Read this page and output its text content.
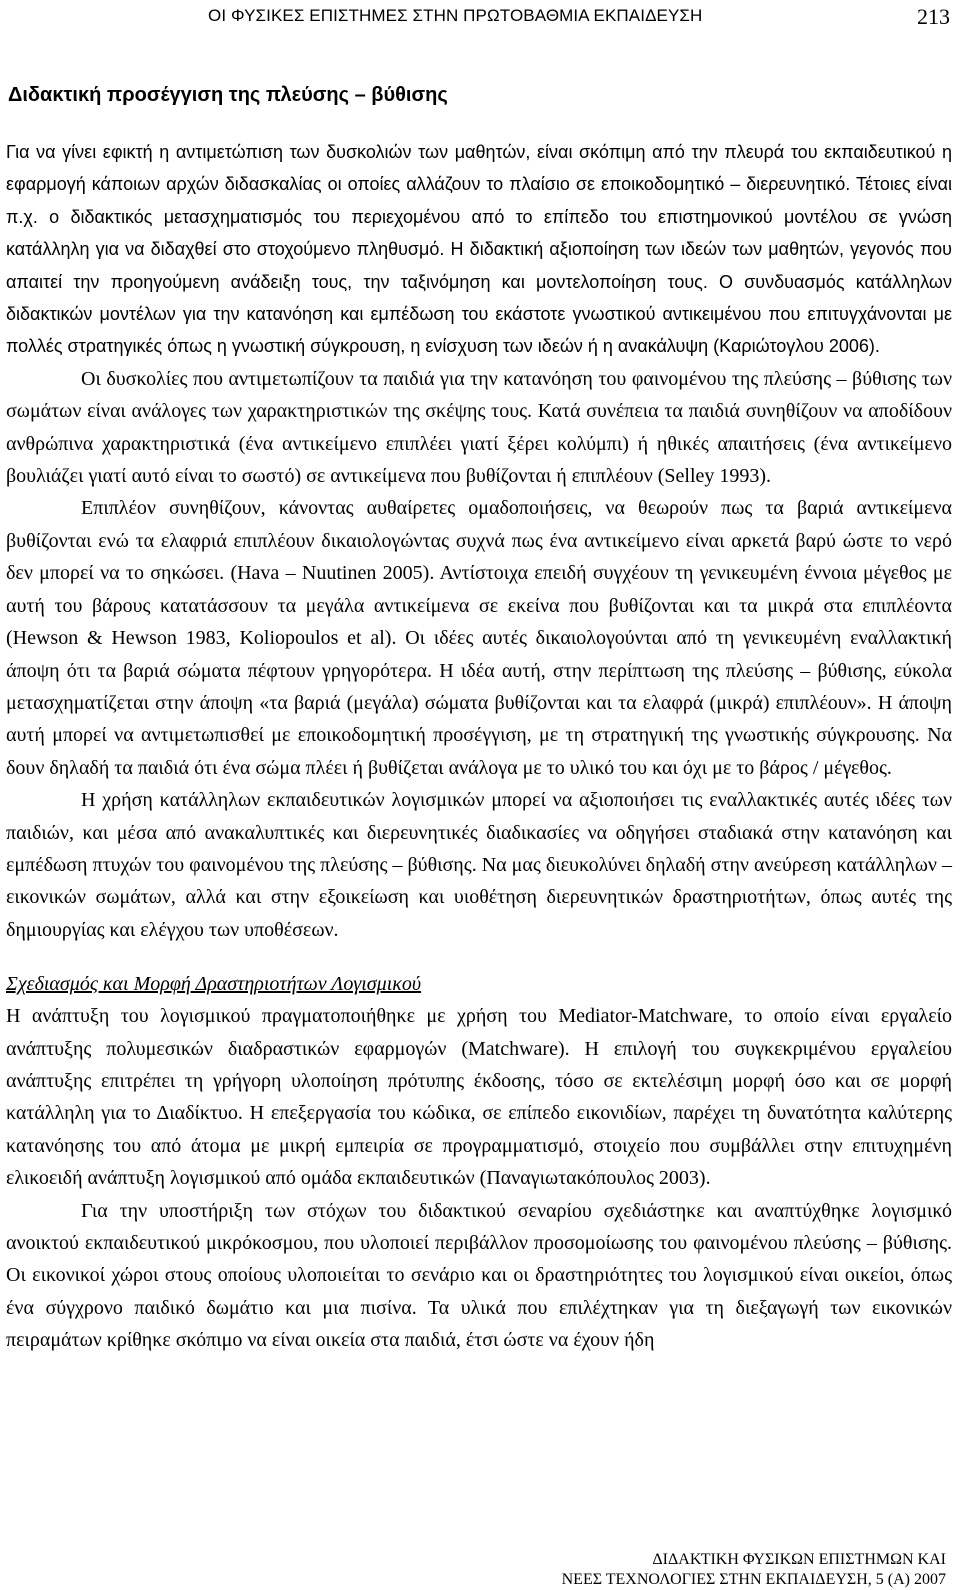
ΟΙ ΦΥΣΙΚΕΣ ΕΠΙΣΤΗΜΕΣ ΣΤΗΝ ΠΡΩΤΟΒΑΘΜΙΑ ΕΚΠΑΙΔΕΥΣΗ	213
Διδακτική προσέγγιση της πλεύσης – βύθισης

Για να γίνει εφικτή η αντιμετώπιση των δυσκολιών των μαθητών, είναι σκόπιμη από την πλευρά του εκπαιδευτικού η εφαρμογή κάποιων αρχών διδασκαλίας οι οποίες αλλάζουν το πλαίσιο σε εποικοδομητικό – διερευνητικό. Τέτοιες είναι π.χ. ο διδακτικός μετασχηματισμός του περιεχομένου από το επίπεδο του επιστημονικού μοντέλου σε γνώση κατάλληλη για να διδαχθεί στο στοχούμενο πληθυσμό. Η διδακτική αξιοποίηση των ιδεών των μαθητών, γεγονός που απαιτεί την προηγούμενη ανάδειξη τους, την ταξινόμηση και μοντελοποίηση τους. Ο συνδυασμός κατάλληλων διδακτικών μοντέλων για την κατανόηση και εμπέδωση του εκάστοτε γνωστικού αντικειμένου που επιτυγχάνονται με πολλές στρατηγικές όπως η γνωστική σύγκρουση, η ενίσχυση των ιδεών ή η ανακάλυψη (Καριώτογλου 2006).

Οι δυσκολίες που αντιμετωπίζουν τα παιδιά για την κατανόηση του φαινομένου της πλεύσης – βύθισης των σωμάτων είναι ανάλογες των χαρακτηριστικών της σκέψης τους. Κατά συνέπεια τα παιδιά συνηθίζουν να αποδίδουν ανθρώπινα χαρακτηριστικά (ένα αντικείμενο επιπλέει γιατί ξέρει κολύμπι) ή ηθικές απαιτήσεις (ένα αντικείμενο βουλιάζει γιατί αυτό είναι το σωστό) σε αντικείμενα που βυθίζονται ή επιπλέουν (Selley 1993).

Επιπλέον συνηθίζουν, κάνοντας αυθαίρετες ομαδοποιήσεις, να θεωρούν πως τα βαριά αντικείμενα βυθίζονται ενώ τα ελαφριά επιπλέουν δικαιολογώντας συχνά πως ένα αντικείμενο είναι αρκετά βαρύ ώστε το νερό δεν μπορεί να το σηκώσει. (Hava – Nuutinen 2005). Αντίστοιχα επειδή συγχέουν τη γενικευμένη έννοια μέγεθος με αυτή του βάρους κατατάσσουν τα μεγάλα αντικείμενα σε εκείνα που βυθίζονται και τα μικρά στα επιπλέοντα (Hewson & Hewson 1983, Koliopoulos et al). Οι ιδέες αυτές δικαιολογούνται από τη γενικευμένη εναλλακτική άποψη ότι τα βαριά σώματα πέφτουν γρηγορότερα. Η ιδέα αυτή, στην περίπτωση της πλεύσης – βύθισης, εύκολα μετασχηματίζεται στην άποψη «τα βαριά (μεγάλα) σώματα βυθίζονται και τα ελαφρά (μικρά) επιπλέουν». Η άποψη αυτή μπορεί να αντιμετωπισθεί με εποικοδομητική προσέγγιση, με τη στρατηγική της γνωστικής σύγκρουσης. Να δουν δηλαδή τα παιδιά ότι ένα σώμα πλέει ή βυθίζεται ανάλογα με το υλικό του και όχι με το βάρος / μέγεθος.

Η χρήση κατάλληλων εκπαιδευτικών λογισμικών μπορεί να αξιοποιήσει τις εναλλακτικές αυτές ιδέες των παιδιών, και μέσα από ανακαλυπτικές και διερευνητικές διαδικασίες να οδηγήσει σταδιακά στην κατανόηση και εμπέδωση πτυχών του φαινομένου της πλεύσης – βύθισης. Να μας διευκολύνει δηλαδή στην ανεύρεση κατάλληλων – εικονικών σωμάτων, αλλά και στην εξοικείωση και υιοθέτηση διερευνητικών δραστηριοτήτων, όπως αυτές της δημιουργίας και ελέγχου των υποθέσεων.

Σχεδιασμός και Μορφή Δραστηριοτήτων Λογισμικού

Η ανάπτυξη του λογισμικού πραγματοποιήθηκε με χρήση του Mediator-Matchware, το οποίο είναι εργαλείο ανάπτυξης πολυμεσικών διαδραστικών εφαρμογών (Matchware). Η επιλογή του συγκεκριμένου εργαλείου ανάπτυξης επιτρέπει τη γρήγορη υλοποίηση πρότυπης έκδοσης, τόσο σε εκτελέσιμη μορφή όσο και σε μορφή κατάλληλη για το Διαδίκτυο. Η επεξεργασία του κώδικα, σε επίπεδο εικονιδίων, παρέχει τη δυνατότητα καλύτερης κατανόησης του από άτομα με μικρή εμπειρία σε προγραμματισμό, στοιχείο που συμβάλλει στην επιτυχημένη ελικοειδή ανάπτυξη λογισμικού από ομάδα εκπαιδευτικών (Παναγιωτακόπουλος 2003).

Για την υποστήριξη των στόχων του διδακτικού σεναρίου σχεδιάστηκε και αναπτύχθηκε λογισμικό ανοικτού εκπαιδευτικού μικρόκοσμου, που υλοποιεί περιβάλλον προσομοίωσης του φαινομένου πλεύσης – βύθισης. Οι εικονικοί χώροι στους οποίους υλοποιείται το σενάριο και οι δραστηριότητες του λογισμικού είναι οικείοι, όπως ένα σύγχρονο παιδικό δωμάτιο και μια πισίνα. Τα υλικά που επιλέχτηκαν για τη διεξαγωγή των εικονικών πειραμάτων κρίθηκε σκόπιμο να είναι οικεία στα παιδιά, έτσι ώστε να έχουν ήδη

ΔΙΔΑΚΤΙΚΗ ΦΥΣΙΚΩΝ ΕΠΙΣΤΗΜΩΝ ΚΑΙ
ΝΕΕΣ ΤΕΧΝΟΛΟΓΙΕΣ ΣΤΗΝ ΕΚΠΑΙΔΕΥΣΗ, 5 (Α) 2007
